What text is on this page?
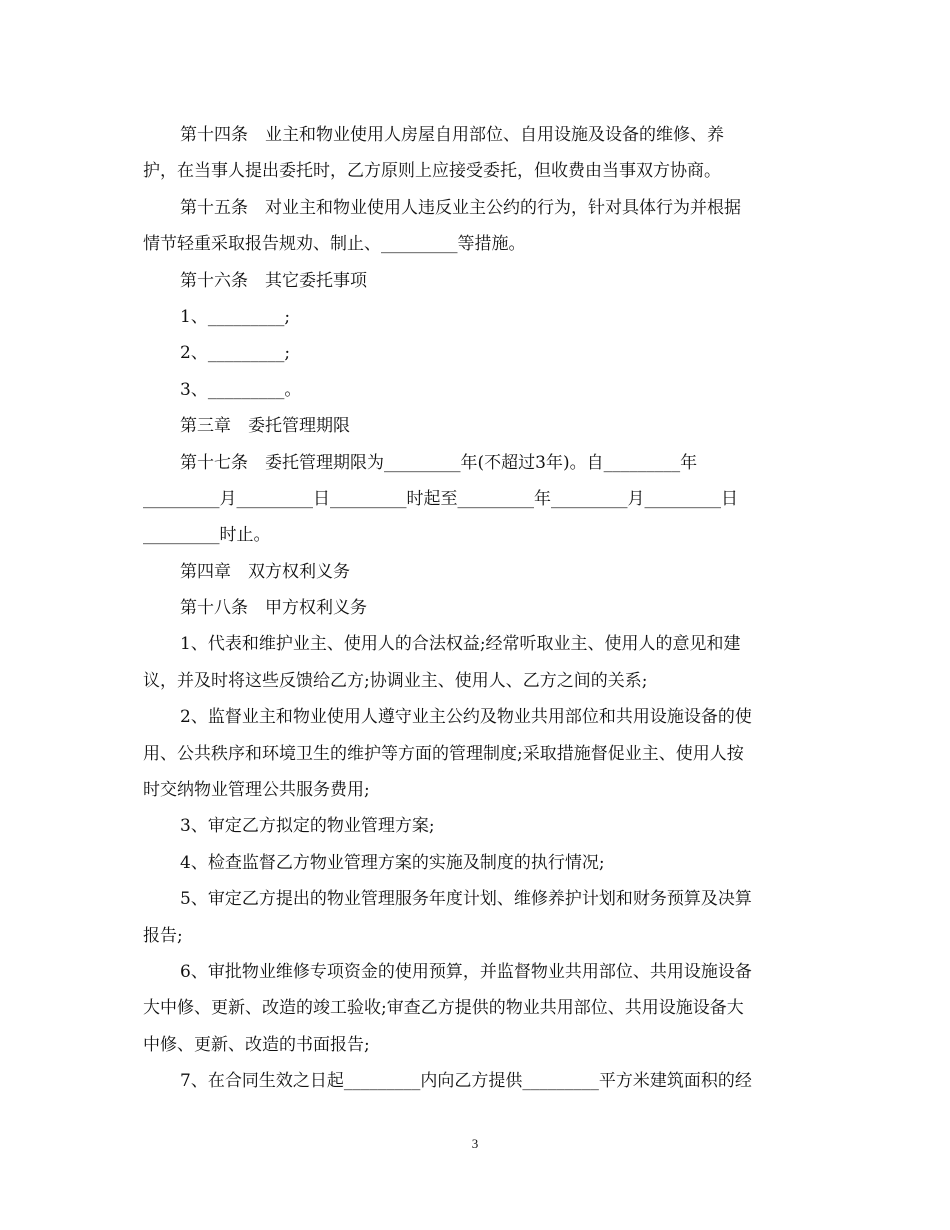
第十四条　业主和物业使用人房屋自用部位、自用设施及设备的维修、养
护，在当事人提出委托时，乙方原则上应接受委托，但收费由当事双方协商。
第十五条　对业主和物业使用人违反业主公约的行为，针对具体行为并根据
情节轻重采取报告规劝、制止、_________等措施。
第十六条　其它委托事项
1、_________;
2、_________;
3、_________。
第三章　委托管理期限
第十七条　委托管理期限为_________年(不超过3年)。自_________年
_________月_________日_________时起至_________年_________月_________日
_________时止。
第四章　双方权利义务
第十八条　甲方权利义务
1、代表和维护业主、使用人的合法权益;经常听取业主、使用人的意见和建
议，并及时将这些反馈给乙方;协调业主、使用人、乙方之间的关系;
2、监督业主和物业使用人遵守业主公约及物业共用部位和共用设施设备的使
用、公共秩序和环境卫生的维护等方面的管理制度;采取措施督促业主、使用人按
时交纳物业管理公共服务费用;
3、审定乙方拟定的物业管理方案;
4、检查监督乙方物业管理方案的实施及制度的执行情况;
5、审定乙方提出的物业管理服务年度计划、维修养护计划和财务预算及决算
报告;
6、审批物业维修专项资金的使用预算，并监督物业共用部位、共用设施设备
大中修、更新、改造的竣工验收;审查乙方提供的物业共用部位、共用设施设备大
中修、更新、改造的书面报告;
7、在合同生效之日起_________内向乙方提供_________平方米建筑面积的经
3
